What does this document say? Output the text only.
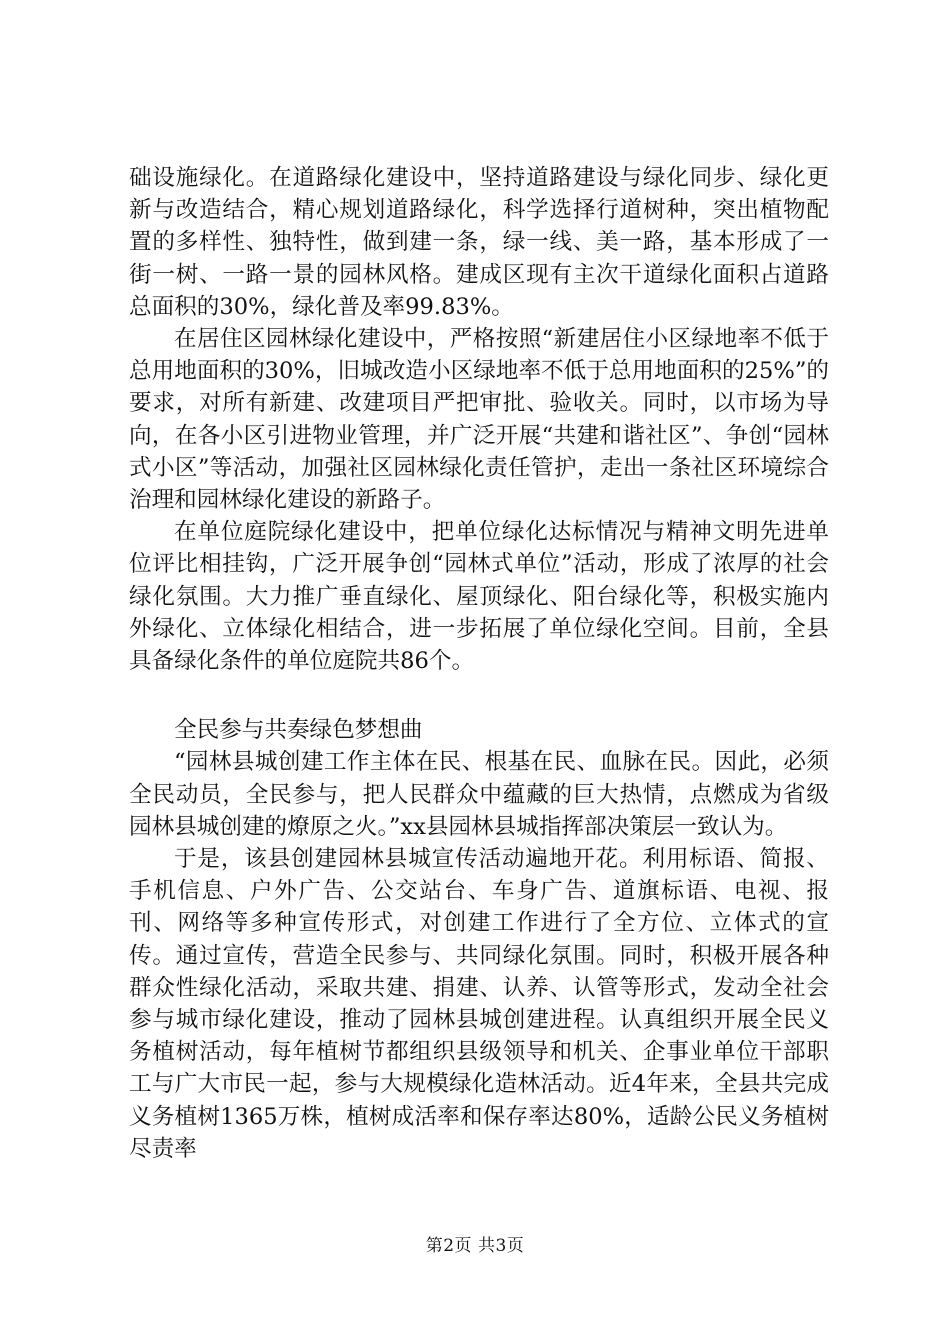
础设施绿化。在道路绿化建设中，坚持道路建设与绿化同步、绿化更新与改造结合，精心规划道路绿化，科学选择行道树种，突出植物配置的多样性、独特性，做到建一条，绿一线、美一路，基本形成了一街一树、一路一景的园林风格。建成区现有主次干道绿化面积占道路总面积的30%，绿化普及率99.83%。

在居住区园林绿化建设中，严格按照“新建居住小区绿地率不低于总用地面积的30%，旧城改造小区绿地率不低于总用地面积的25%”的要求，对所有新建、改建项目严把审批、验收关。同时，以市场为导向，在各小区引进物业管理，并广泛开展“共建和谐社区”、争创“园林式小区”等活动，加强社区园林绿化责任管护，走出一条社区环境综合治理和园林绿化建设的新路子。

在单位庭院绿化建设中，把单位绿化达标情况与精神文明先进单位评比相挂钩，广泛开展争创“园林式单位”活动，形成了浓厚的社会绿化氛围。大力推广垂直绿化、屋顶绿化、阳台绿化等，积极实施内外绿化、立体绿化相结合，进一步拓展了单位绿化空间。目前，全县具备绿化条件的单位庭院共86个。

全民参与共奏绿色梦想曲

“园林县城创建工作主体在民、根基在民、血脉在民。因此，必须全民动员，全民参与，把人民群众中蕴藏的巨大热情，点燃成为省级园林县城创建的燎原之火。”xx县园林县城指挥部决策层一致认为。

于是，该县创建园林县城宣传活动遍地开花。利用标语、简报、手机信息、户外广告、公交站台、车身广告、道旗标语、电视、报刊、网络等多种宣传形式，对创建工作进行了全方位、立体式的宣传。通过宣传，营造全民参与、共同绿化氛围。同时，积极开展各种群众性绿化活动，采取共建、捐建、认养、认管等形式，发动全社会参与城市绿化建设，推动了园林县城创建进程。认真组织开展全民义务植树活动，每年植树节都组织县级领导和机关、企事业单位干部职工与广大市民一起，参与大规模绿化造林活动。近4年来，全县共完成义务植树1365万株，植树成活率和保存率达80%，适龄公民义务植树尽责率

第2页 共3页
